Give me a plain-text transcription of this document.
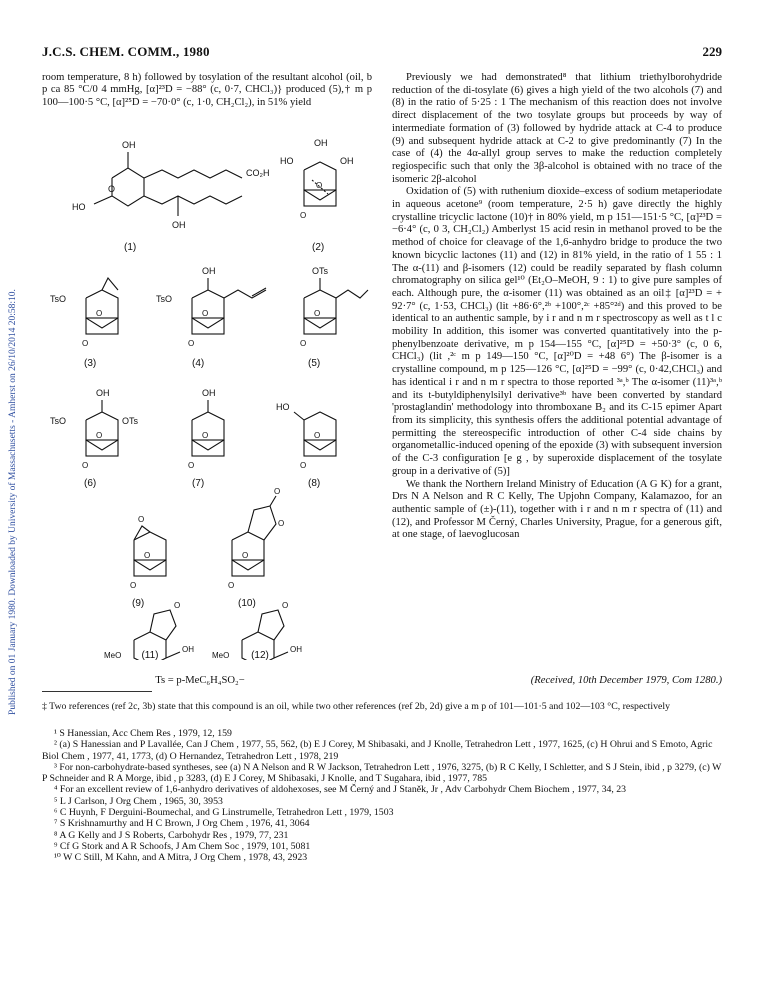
Published on 01 January 1980. Downloaded by University of Massachusetts - Amherst on 26/10/2014 20:58:10.
J.C.S. CHEM. COMM., 1980	229

room temperature, 8 h) followed by tosylation of the resultant alcohol (oil, b p ca 85 °C/0 4 mmHg, [α]²³D = −88° (c, 0·7, CHCl₃)} produced (5),† m p 100—100·5 °C, [α]²⁵D = −70·0° (c, 1·0, CH₂Cl₂), in 51% yield

OH
O
HO
CO₂H
OH
OH
HO	OH
O
O
(1)	(2)
TsO
O
O
OH
TsO
O
O
OTs
O
O
(3)	(4)	(5)
OH
TsO	OTs
O
O
OH
O
O
HO
O
O
(6)	(7)	(8)
O
O
O
O
O
O
O
(9)	(10)
O
MeO
OH
O
MeO
OH
(11)	(12)
Ts = p-MeC₆H₄SO₂−

Previously we had demonstrated⁸ that lithium triethylborohydride reduction of the di-tosylate (6) gives a high yield of the two alcohols (7) and (8) in the ratio of 5·25 : 1 The mechanism of this reaction does not involve direct displacement of the two tosylate groups but proceeds by way of intermediate formation of (3) followed by hydride attack at C-4 to produce (9) and subsequent hydride attack at C-2 to give predominantly (7) In the case of (4) the 4α-allyl group serves to make the reduction completely regiospecific such that only the 3β-alcohol is obtained with no trace of the isomeric 2β-alcohol

Oxidation of (5) with ruthenium dioxide–excess of sodium metaperiodate in aqueous acetone⁹ (room temperature, 2·5 h) gave directly the highly crystalline tricyclic lactone (10)† in 80% yield, m p 151—151·5 °C, [α]²³D = −6·4° (c, 0 3, CH₂Cl₂) Amberlyst 15 acid resin in methanol proved to be the method of choice for cleavage of the 1,6-anhydro bridge to produce the two known bicyclic lactones (11) and (12) in 81% yield, in the ratio of 1 55 : 1 The α-(11) and β-isomers (12) could be readily separated by flash column chromatography on silica gel¹⁰ (Et₂O–MeOH, 9 : 1) to give pure samples of each. Although pure, the α-isomer (11) was obtained as an oil‡ [α]²³D = + 92·7° (c, 1·53, CHCl₃) (lit +86·6°,²ᵇ +100°,²ᶜ +85°²ᵈ) and this proved to be identical to an authentic sample, by i r and n m r spectroscopy as well as t l c mobility In addition, this isomer was converted quantitatively into the p-phenylbenzoate derivative, m p 154—155 °C, [α]²⁵D = +50·3° (c, 0 6, CHCl₃) (lit ,²ᶜ m p 149—150 °C, [α]²⁰D = +48 6°) The β-isomer is a crystalline compound, m p 125—126 °C, [α]²⁵D = −99° (c, 0·42,CHCl₃) and has identical i r and n m r spectra to those reported ³ᵃ,ᵇ The α-isomer (11)³ᵃ,ᵇ and its t-butyldiphenylsilyl derivative³ᵇ have been converted by standard 'prostaglandin' methodology into thromboxane B₂ and its C-15 epimer Apart from its simplicity, this synthesis offers the additional potential advantage of permitting the stereospecific introduction of other C-4 side chains by organometallic-induced opening of the epoxide (3) with subsequent inversion of the C-3 configuration [e g , by superoxide displacement of the tosylate group in a derivative of (5)]

We thank the Northern Ireland Ministry of Education (A G K) for a grant, Drs N A Nelson and R C Kelly, The Upjohn Company, Kalamazoo, for an authentic sample of (±)-(11), together with i r and n m r spectra of (11) and (12), and Professor M Černý, Charles University, Prague, for a generous gift, at one stage, of laevoglucosan

(Received, 10th December 1979, Com 1280.)
‡ Two references (ref 2c, 3b) state that this compound is an oil, while two other references (ref 2b, 2d) give a m p of 101—101·5 and 102—103 °C, respectively

¹ S Hanessian, Acc Chem Res , 1979, 12, 159

² (a) S Hanessian and P Lavallée, Can J Chem , 1977, 55, 562, (b) E J Corey, M Shibasaki, and J Knolle, Tetrahedron Lett , 1977, 1625, (c) H Ohrui and S Emoto, Agric Biol Chem , 1977, 41, 1773, (d) O Hernandez, Tetrahedron Lett , 1978, 219

³ For non-carbohydrate-based syntheses, see (a) N A Nelson and R W Jackson, Tetrahedron Lett , 1976, 3275, (b) R C Kelly, I Schletter, and S J Stein, ibid , p 3279, (c) W P Schneider and R A Morge, ibid , p 3283, (d) E J Corey, M Shibasaki, J Knolle, and T Sugahara, ibid , 1977, 785

⁴ For an excellent review of 1,6-anhydro derivatives of aldohexoses, see M Černý and J Staněk, Jr , Adv Carbohydr Chem Biochem , 1977, 34, 23

⁵ L J Carlson, J Org Chem , 1965, 30, 3953

⁶ C Huynh, F Derguini-Boumechal, and G Linstrumelle, Tetrahedron Lett , 1979, 1503

⁷ S Krishnamurthy and H C Brown, J Org Chem , 1976, 41, 3064

⁸ A G Kelly and J S Roberts, Carbohydr Res , 1979, 77, 231

⁹ Cf G Stork and A R Schoofs, J Am Chem Soc , 1979, 101, 5081

¹⁰ W C Still, M Kahn, and A Mitra, J Org Chem , 1978, 43, 2923
